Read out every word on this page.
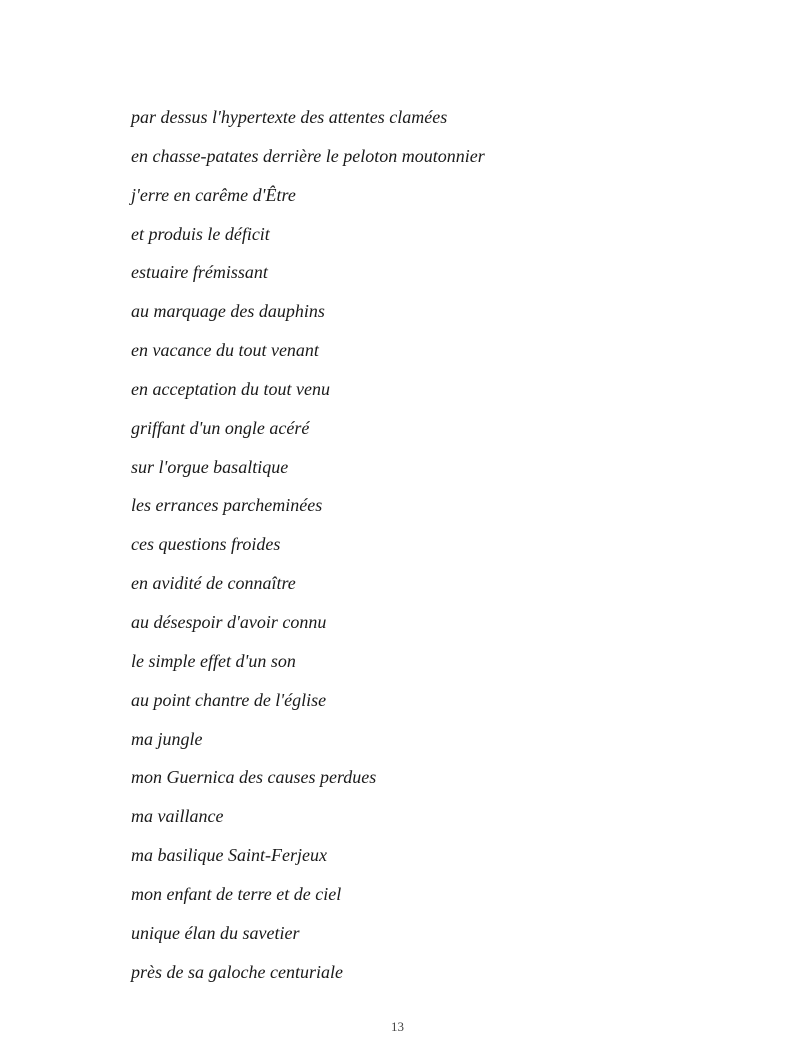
par dessus l'hypertexte des attentes clamées
en chasse-patates derrière le peloton moutonnier
j'erre en carême d'Être
et produis le déficit
estuaire frémissant
au marquage des dauphins
en vacance du tout venant
en acceptation du tout venu
griffant d'un ongle acéré
sur l'orgue basaltique
les errances parcheminées
ces questions froides
en avidité de connaître
au désespoir d'avoir connu
le simple effet d'un son
au point chantre de l'église
ma jungle
mon Guernica des causes perdues
ma vaillance
ma basilique Saint-Ferjeux
mon enfant de terre et de ciel
unique élan du savetier
près de sa galoche centuriale
13
